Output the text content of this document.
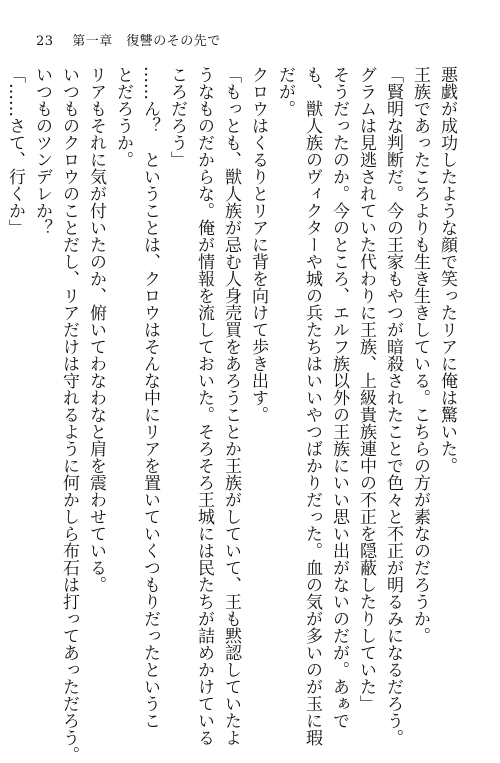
23 第一章　復讐のその先で

悪戯が成功したような顔で笑ったリアに俺は驚いた。

王族であったころよりも生き生きしている。こちらの方が素なのだろうか。

「賢明な判断だ。今の王家もやつが暗殺されたことで色々と不正が明るみになるだろう。

グラムは見逃されていた代わりに王族、上級貴族連中の不正を隠蔽したりしていた」

そうだったのか。今のところ、エルフ族以外の王族にいい思い出がないのだが。あぁで

も、獣人族のヴィクターや城の兵たちはいいやつばかりだった。血の気が多いのが玉に瑕

だが。

クロウはくるりとリアに背を向けて歩き出す。

「もっとも、獣人族が忌む人身売買をあろうことか王族がしていて、王も黙認していたよ

うなものだからな。俺が情報を流しておいた。そろそろ王城には民たちが詰めかけている

ころだろう」

……ん？　ということは、クロウはそんな中にリアを置いていくつもりだったというこ

とだろうか。

リアもそれに気が付いたのか、俯いてわなわなと肩を震わせている。

いつものクロウのことだし、リアだけは守れるように何かしら布石は打ってあっただろう。

いつものツンデレか？

「……さて、行くか」
